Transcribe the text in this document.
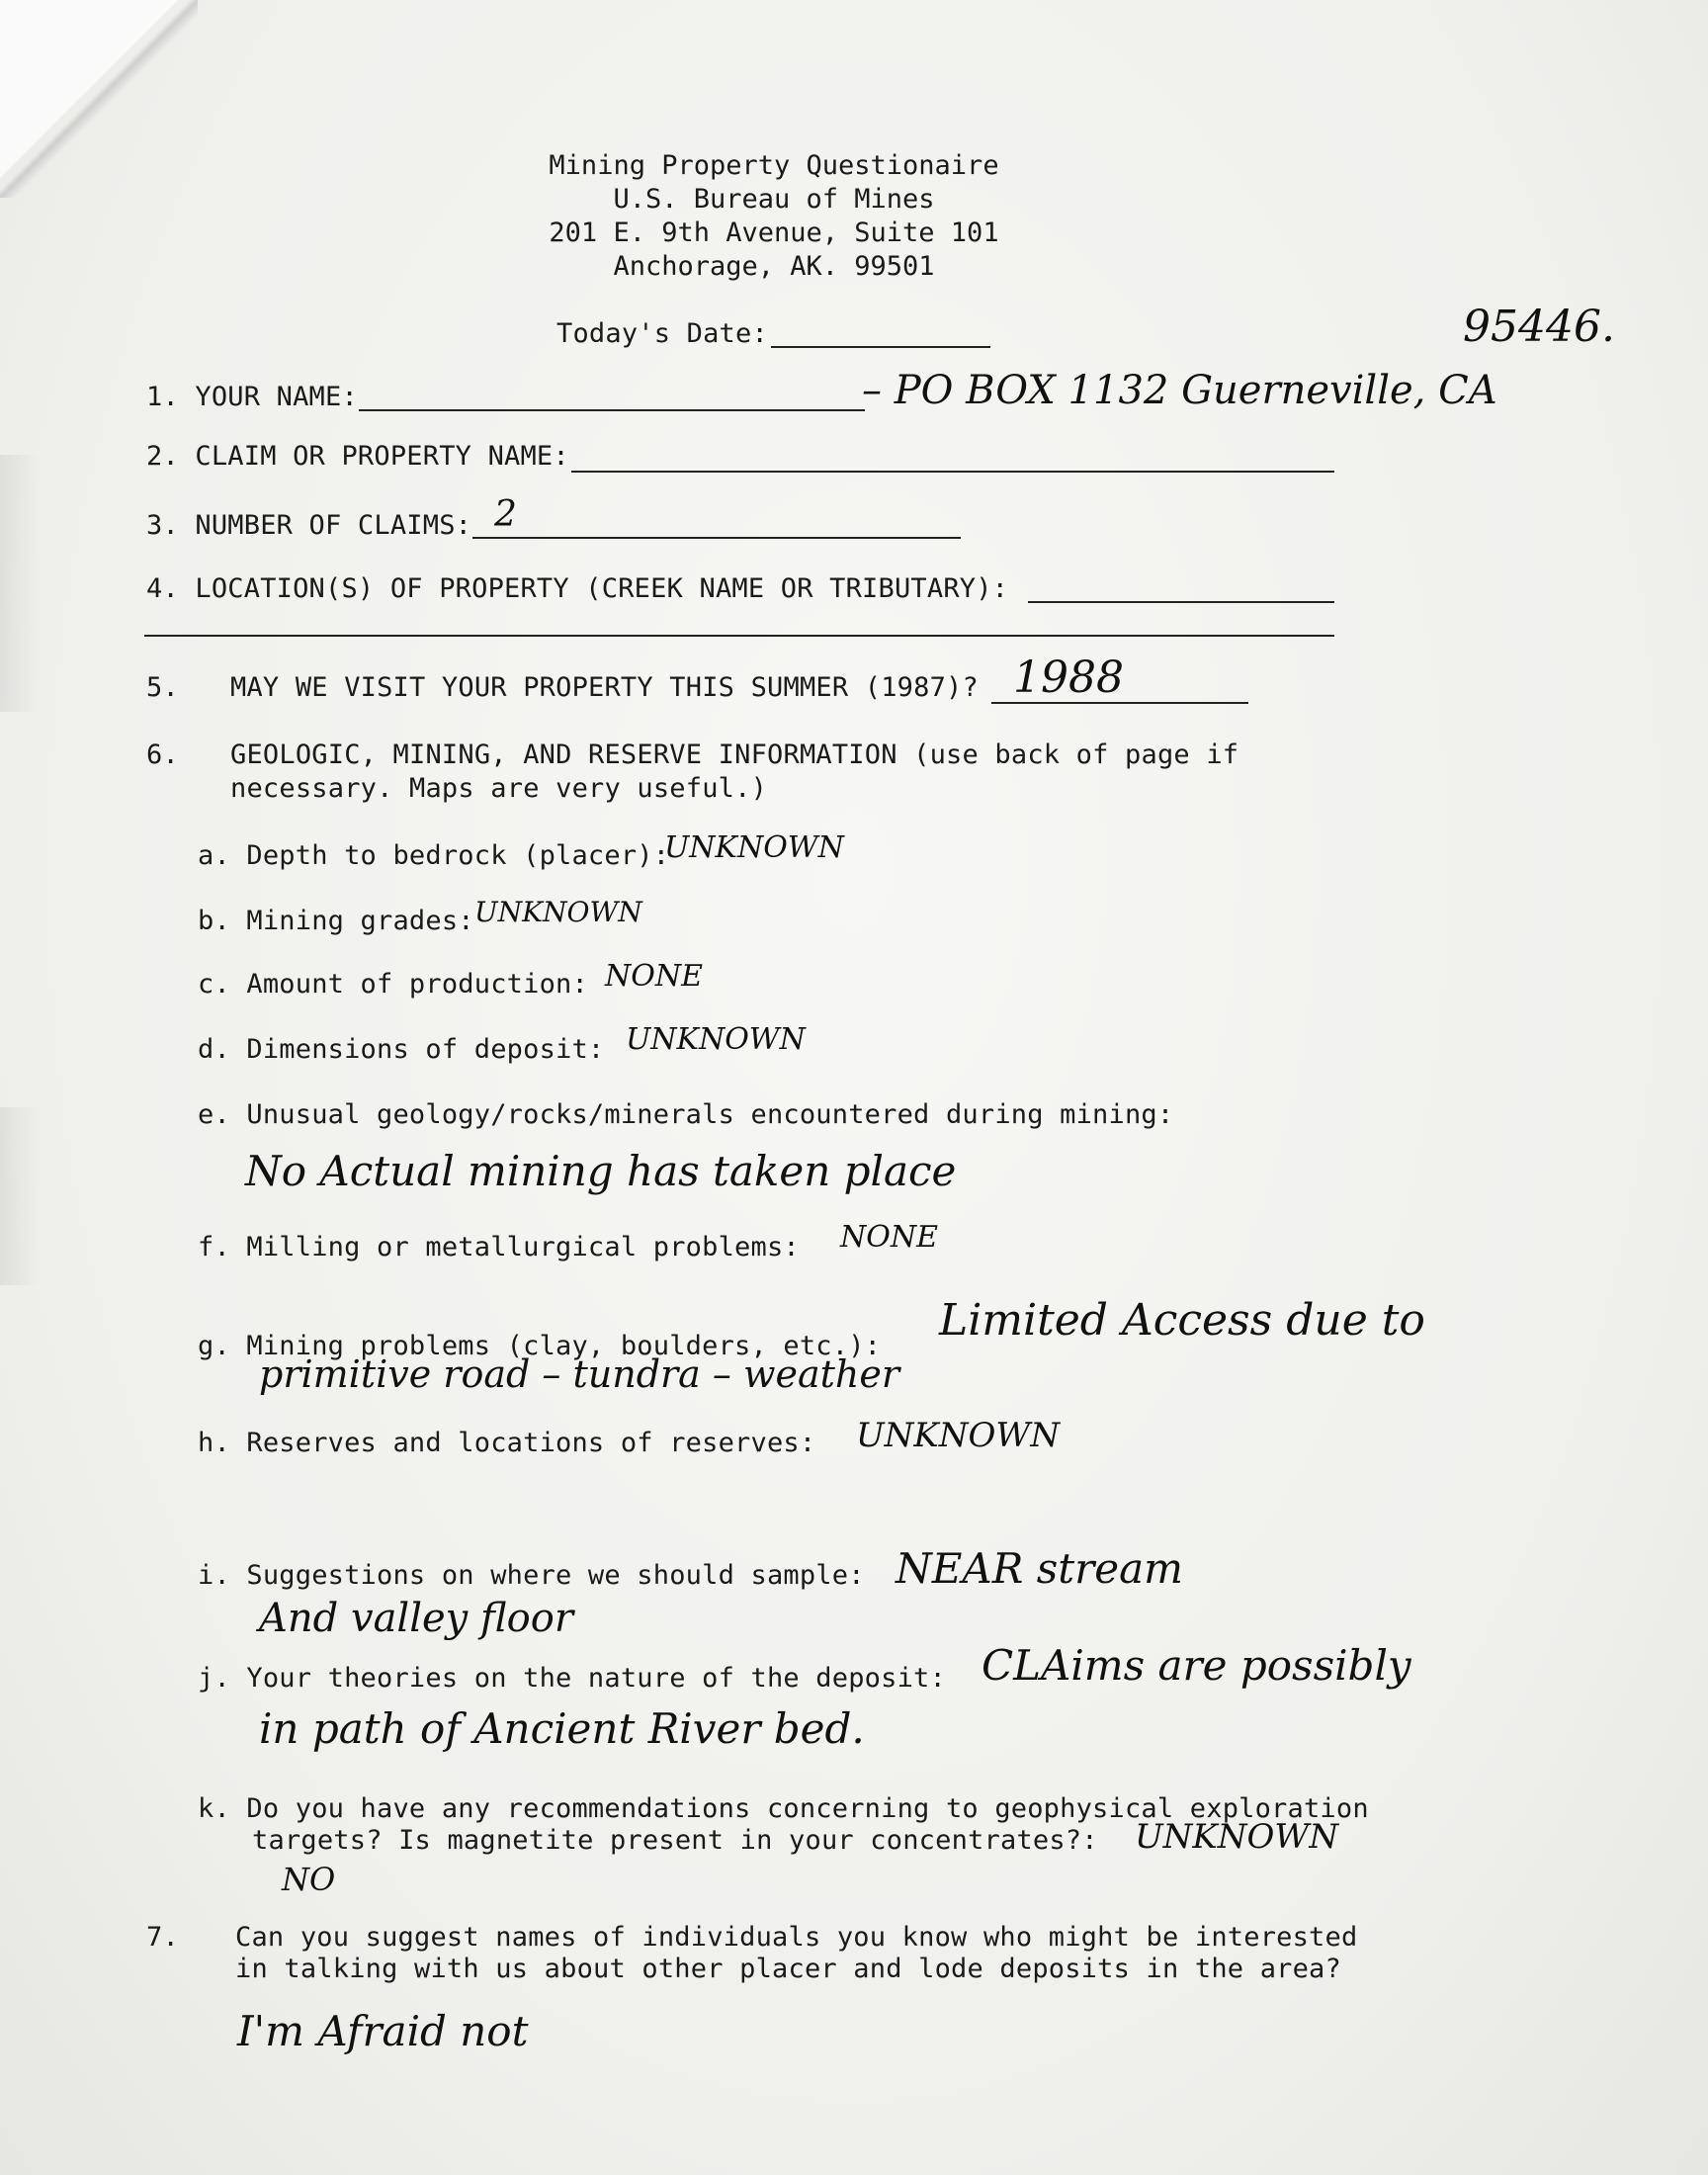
Mining Property Questionaire
U.S. Bureau of Mines
201 E. 9th Avenue, Suite 101
Anchorage, AK. 99501
Today's Date:	95446.
1. YOUR NAME:	– PO BOX 1132 Guerneville, CA
2. CLAIM OR PROPERTY NAME:
3. NUMBER OF CLAIMS: 2
4. LOCATION(S) OF PROPERTY (CREEK NAME OR TRIBUTARY):
5. MAY WE VISIT YOUR PROPERTY THIS SUMMER (1987)? 1988
6. GEOLOGIC, MINING, AND RESERVE INFORMATION (use back of page if
necessary. Maps are very useful.)
a. Depth to bedrock (placer):
UNKNOWN
b. Mining grades: UNKNOWN
c. Amount of production: NONE
d. Dimensions of deposit: UNKNOWN
e. Unusual geology/rocks/minerals encountered during mining:
No Actual mining has taken place
f. Milling or metallurgical problems: NONE
g. Mining problems (clay, boulders, etc.):
Limited Access due to
primitive road – tundra – weather
h. Reserves and locations of reserves: UNKNOWN
i. Suggestions on where we should sample: NEAR stream
And valley floor
j. Your theories on the nature of the deposit: CLAims are possibly
in path of Ancient River bed.
k. Do you have any recommendations concerning to geophysical exploration
targets? Is magnetite present in your concentrates?: UNKNOWN
NO
7. Can you suggest names of individuals you know who might be interested
in talking with us about other placer and lode deposits in the area?
I'm Afraid not
